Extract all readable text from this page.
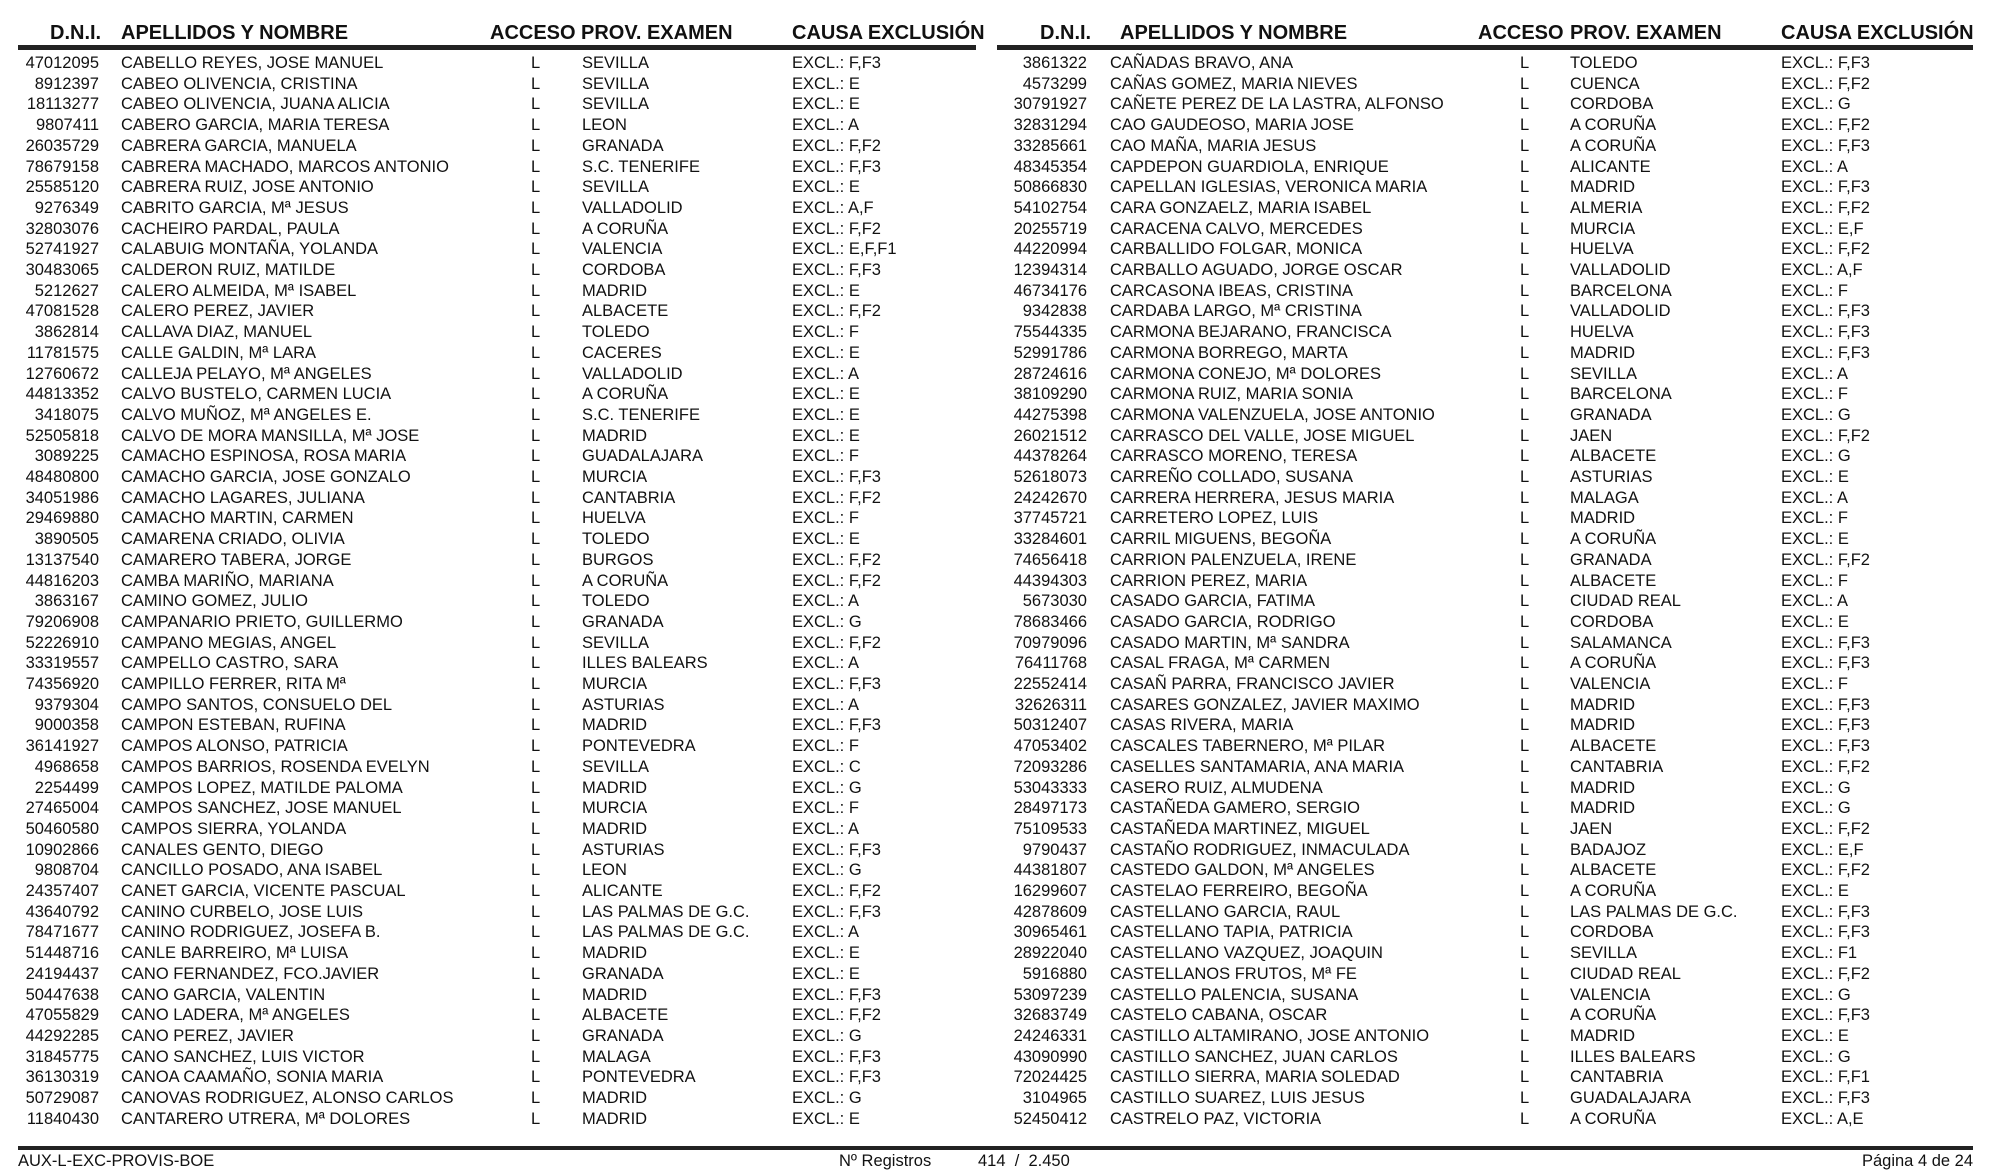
D.N.I. APELLIDOS Y NOMBRE	ACCESO PROV. EXAMEN	CAUSA EXCLUSIÓN
47012095 CABELLO REYES, JOSE MANUEL	L	SEVILLA	EXCL.: F,F3
8912397 CABEO OLIVENCIA, CRISTINA	L	SEVILLA	EXCL.: E
18113277 CABEO OLIVENCIA, JUANA ALICIA	L	SEVILLA	EXCL.: E
9807411 CABERO GARCIA, MARIA TERESA	L	LEON	EXCL.: A
26035729 CABRERA GARCIA, MANUELA	L	GRANADA	EXCL.: F,F2
78679158 CABRERA MACHADO, MARCOS ANTONIO	L	S.C. TENERIFE	EXCL.: F,F3
25585120 CABRERA RUIZ, JOSE ANTONIO	L	SEVILLA	EXCL.: E
9276349 CABRITO GARCIA, Mª JESUS	L	VALLADOLID	EXCL.: A,F
32803076 CACHEIRO PARDAL, PAULA	L	A CORUÑA	EXCL.: F,F2
52741927 CALABUIG MONTAÑA, YOLANDA	L	VALENCIA	EXCL.: E,F,F1
30483065 CALDERON RUIZ, MATILDE	L	CORDOBA	EXCL.: F,F3
5212627 CALERO ALMEIDA, Mª ISABEL	L	MADRID	EXCL.: E
47081528 CALERO PEREZ, JAVIER	L	ALBACETE	EXCL.: F,F2
3862814 CALLAVA DIAZ, MANUEL	L	TOLEDO	EXCL.: F
11781575 CALLE GALDIN, Mª LARA	L	CACERES	EXCL.: E
12760672 CALLEJA PELAYO, Mª ANGELES	L	VALLADOLID	EXCL.: A
44813352 CALVO BUSTELO, CARMEN LUCIA	L	A CORUÑA	EXCL.: E
3418075 CALVO MUÑOZ, Mª ANGELES E.	L	S.C. TENERIFE	EXCL.: E
52505818 CALVO DE MORA MANSILLA, Mª JOSE	L	MADRID	EXCL.: E
3089225 CAMACHO ESPINOSA, ROSA MARIA	L	GUADALAJARA	EXCL.: F
48480800 CAMACHO GARCIA, JOSE GONZALO	L	MURCIA	EXCL.: F,F3
34051986 CAMACHO LAGARES, JULIANA	L	CANTABRIA	EXCL.: F,F2
29469880 CAMACHO MARTIN, CARMEN	L	HUELVA	EXCL.: F
3890505 CAMARENA CRIADO, OLIVIA	L	TOLEDO	EXCL.: E
13137540 CAMARERO TABERA, JORGE	L	BURGOS	EXCL.: F,F2
44816203 CAMBA MARIÑO, MARIANA	L	A CORUÑA	EXCL.: F,F2
3863167 CAMINO GOMEZ, JULIO	L	TOLEDO	EXCL.: A
79206908 CAMPANARIO PRIETO, GUILLERMO	L	GRANADA	EXCL.: G
52226910 CAMPANO MEGIAS, ANGEL	L	SEVILLA	EXCL.: F,F2
33319557 CAMPELLO CASTRO, SARA	L	ILLES BALEARS	EXCL.: A
74356920 CAMPILLO FERRER, RITA Mª	L	MURCIA	EXCL.: F,F3
9379304 CAMPO SANTOS, CONSUELO DEL	L	ASTURIAS	EXCL.: A
9000358 CAMPON ESTEBAN, RUFINA	L	MADRID	EXCL.: F,F3
36141927 CAMPOS ALONSO, PATRICIA	L	PONTEVEDRA	EXCL.: F
4968658 CAMPOS BARRIOS, ROSENDA EVELYN	L	SEVILLA	EXCL.: C
2254499 CAMPOS LOPEZ, MATILDE PALOMA	L	MADRID	EXCL.: G
27465004 CAMPOS SANCHEZ, JOSE MANUEL	L	MURCIA	EXCL.: F
50460580 CAMPOS SIERRA, YOLANDA	L	MADRID	EXCL.: A
10902866 CANALES GENTO, DIEGO	L	ASTURIAS	EXCL.: F,F3
9808704 CANCILLO POSADO, ANA ISABEL	L	LEON	EXCL.: G
24357407 CANET GARCIA, VICENTE PASCUAL	L	ALICANTE	EXCL.: F,F2
43640792 CANINO CURBELO, JOSE LUIS	L	LAS PALMAS DE G.C.	EXCL.: F,F3
78471677 CANINO RODRIGUEZ, JOSEFA B.	L	LAS PALMAS DE G.C.	EXCL.: A
51448716 CANLE BARREIRO, Mª LUISA	L	MADRID	EXCL.: E
24194437 CANO FERNANDEZ, FCO.JAVIER	L	GRANADA	EXCL.: E
50447638 CANO GARCIA, VALENTIN	L	MADRID	EXCL.: F,F3
47055829 CANO LADERA, Mª ANGELES	L	ALBACETE	EXCL.: F,F2
44292285 CANO PEREZ, JAVIER	L	GRANADA	EXCL.: G
31845775 CANO SANCHEZ, LUIS VICTOR	L	MALAGA	EXCL.: F,F3
36130319 CANOA CAAMAÑO, SONIA MARIA	L	PONTEVEDRA	EXCL.: F,F3
50729087 CANOVAS RODRIGUEZ, ALONSO CARLOS	L	MADRID	EXCL.: G
11840430 CANTARERO UTRERA, Mª DOLORES	L	MADRID	EXCL.: E
D.N.I. APELLIDOS Y NOMBRE	ACCESO PROV. EXAMEN	CAUSA EXCLUSIÓN
3861322 CAÑADAS BRAVO, ANA	L TOLEDO	EXCL.: F,F3
4573299 CAÑAS GOMEZ, MARIA NIEVES	L CUENCA	EXCL.: F,F2
30791927 CAÑETE PEREZ DE LA LASTRA, ALFONSO	L CORDOBA	EXCL.: G
32831294 CAO GAUDEOSO, MARIA JOSE	L A CORUÑA	EXCL.: F,F2
33285661 CAO MAÑA, MARIA JESUS	L A CORUÑA	EXCL.: F,F3
48345354 CAPDEPON GUARDIOLA, ENRIQUE	L ALICANTE	EXCL.: A
50866830 CAPELLAN IGLESIAS, VERONICA MARIA	L MADRID	EXCL.: F,F3
54102754 CARA GONZAELZ, MARIA ISABEL	L ALMERIA	EXCL.: F,F2
20255719 CARACENA CALVO, MERCEDES	L MURCIA	EXCL.: E,F
44220994 CARBALLIDO FOLGAR, MONICA	L HUELVA	EXCL.: F,F2
12394314 CARBALLO AGUADO, JORGE OSCAR	L VALLADOLID	EXCL.: A,F
46734176 CARCASONA IBEAS, CRISTINA	L BARCELONA	EXCL.: F
9342838 CARDABA LARGO, Mª CRISTINA	L VALLADOLID	EXCL.: F,F3
75544335 CARMONA BEJARANO, FRANCISCA	L HUELVA	EXCL.: F,F3
52991786 CARMONA BORREGO, MARTA	L MADRID	EXCL.: F,F3
28724616 CARMONA CONEJO, Mª DOLORES	L SEVILLA	EXCL.: A
38109290 CARMONA RUIZ, MARIA SONIA	L BARCELONA	EXCL.: F
44275398 CARMONA VALENZUELA, JOSE ANTONIO	L GRANADA	EXCL.: G
26021512 CARRASCO DEL VALLE, JOSE MIGUEL	L JAEN	EXCL.: F,F2
44378264 CARRASCO MORENO, TERESA	L ALBACETE	EXCL.: G
52618073 CARREÑO COLLADO, SUSANA	L ASTURIAS	EXCL.: E
24242670 CARRERA HERRERA, JESUS MARIA	L MALAGA	EXCL.: A
37745721 CARRETERO LOPEZ, LUIS	L MADRID	EXCL.: F
33284601 CARRIL MIGUENS, BEGOÑA	L A CORUÑA	EXCL.: E
74656418 CARRION PALENZUELA, IRENE	L GRANADA	EXCL.: F,F2
44394303 CARRION PEREZ, MARIA	L ALBACETE	EXCL.: F
5673030 CASADO GARCIA, FATIMA	L CIUDAD REAL	EXCL.: A
78683466 CASADO GARCIA, RODRIGO	L CORDOBA	EXCL.: E
70979096 CASADO MARTIN, Mª SANDRA	L SALAMANCA	EXCL.: F,F3
76411768 CASAL FRAGA, Mª CARMEN	L A CORUÑA	EXCL.: F,F3
22552414 CASAÑ PARRA, FRANCISCO JAVIER	L VALENCIA	EXCL.: F
32626311 CASARES GONZALEZ, JAVIER MAXIMO	L MADRID	EXCL.: F,F3
50312407 CASAS RIVERA, MARIA	L MADRID	EXCL.: F,F3
47053402 CASCALES TABERNERO, Mª PILAR	L ALBACETE	EXCL.: F,F3
72093286 CASELLES SANTAMARIA, ANA MARIA	L CANTABRIA	EXCL.: F,F2
53043333 CASERO RUIZ, ALMUDENA	L MADRID	EXCL.: G
28497173 CASTAÑEDA GAMERO, SERGIO	L MADRID	EXCL.: G
75109533 CASTAÑEDA MARTINEZ, MIGUEL	L JAEN	EXCL.: F,F2
9790437 CASTAÑO RODRIGUEZ, INMACULADA	L BADAJOZ	EXCL.: E,F
44381807 CASTEDO GALDON, Mª ANGELES	L ALBACETE	EXCL.: F,F2
16299607 CASTELAO FERREIRO, BEGOÑA	L A CORUÑA	EXCL.: E
42878609 CASTELLANO GARCIA, RAUL	L LAS PALMAS DE G.C.	EXCL.: F,F3
30965461 CASTELLANO TAPIA, PATRICIA	L CORDOBA	EXCL.: F,F3
28922040 CASTELLANO VAZQUEZ, JOAQUIN	L SEVILLA	EXCL.: F1
5916880 CASTELLANOS FRUTOS, Mª FE	L CIUDAD REAL	EXCL.: F,F2
53097239 CASTELLO PALENCIA, SUSANA	L VALENCIA	EXCL.: G
32683749 CASTELO CABANA, OSCAR	L A CORUÑA	EXCL.: F,F3
24246331 CASTILLO ALTAMIRANO, JOSE ANTONIO	L MADRID	EXCL.: E
43090990 CASTILLO SANCHEZ, JUAN CARLOS	L ILLES BALEARS	EXCL.: G
72024425 CASTILLO SIERRA, MARIA SOLEDAD	L CANTABRIA	EXCL.: F,F1
3104965 CASTILLO SUAREZ, LUIS JESUS	L GUADALAJARA	EXCL.: F,F3
52450412 CASTRELO PAZ, VICTORIA	L A CORUÑA	EXCL.: A,E
AUX-L-EXC-PROVIS-BOE	Nº Registros	414  /  2.450	Página 4 de 24
